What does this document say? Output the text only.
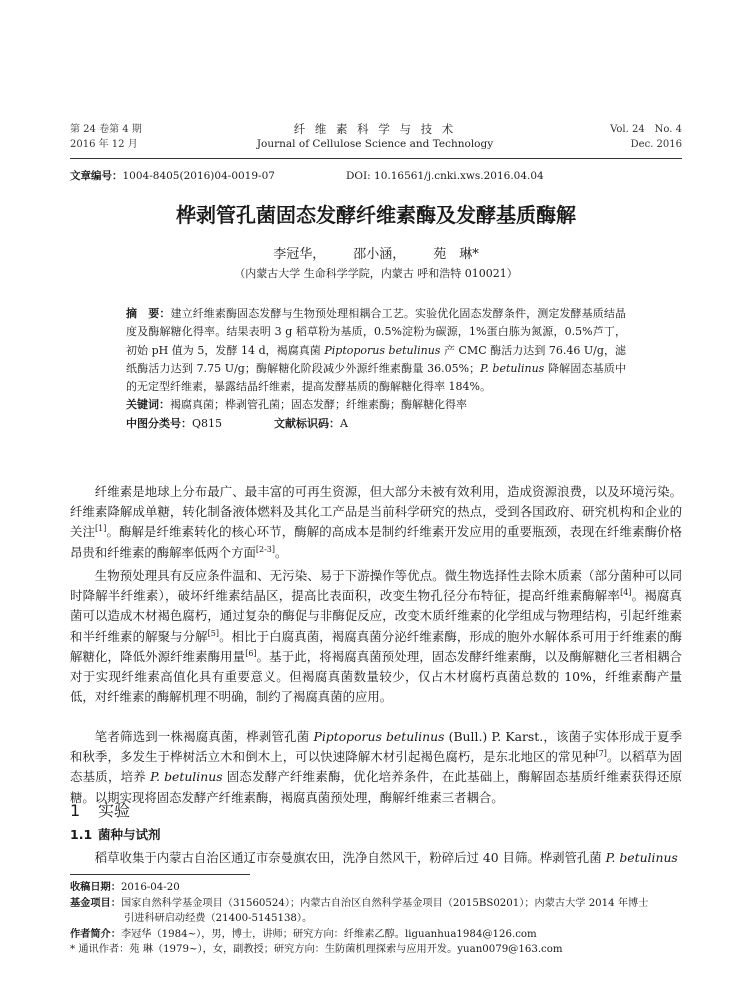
第 24 卷第 4 期
2016 年 12 月
纤 维 素 科 学 与 技 术
Journal of Cellulose Science and Technology
Vol. 24　No. 4
Dec. 2016
文章编号：1004-8405(2016)04-0019-07	DOI: 10.16561/j.cnki.xws.2016.04.04
桦剥管孔菌固态发酵纤维素酶及发酵基质酶解
李冠华， 邵小涵， 苑　琳*
（内蒙古大学 生命科学学院，内蒙古 呼和浩特 010021）
摘　要：建立纤维素酶固态发酵与生物预处理相耦合工艺。实验优化固态发酵条件，测定发酵基质结晶度及酶解糖化得率。结果表明 3 g 稻草粉为基质，0.5%淀粉为碳源，1%蛋白胨为氮源，0.5%芦丁，初始 pH 值为 5，发酵 14 d，褐腐真菌 Piptoporus betulinus 产 CMC 酶活力达到 76.46 U/g，滤纸酶活力达到 7.75 U/g；酶解糖化阶段减少外源纤维素酶量 36.05%；P. betulinus 降解固态基质中的无定型纤维素，暴露结晶纤维素，提高发酵基质的酶解糖化得率 184%。
关键词：褐腐真菌；桦剥管孔菌；固态发酵；纤维素酶；酶解糖化得率
中图分类号：Q815	文献标识码：A
纤维素是地球上分布最广、最丰富的可再生资源，但大部分未被有效利用，造成资源浪费，以及环境污染。纤维素降解成单糖，转化制备液体燃料及其化工产品是当前科学研究的热点，受到各国政府、研究机构和企业的关注[1]。酶解是纤维素转化的核心环节，酶解的高成本是制约纤维素开发应用的重要瓶颈，表现在纤维素酶价格昂贵和纤维素的酶解率低两个方面[2-3]。
生物预处理具有反应条件温和、无污染、易于下游操作等优点。微生物选择性去除木质素（部分菌种可以同时降解半纤维素），破坏纤维素结晶区，提高比表面积，改变生物孔径分布特征，提高纤维素酶解率[4]。褐腐真菌可以造成木材褐色腐朽，通过复杂的酶促与非酶促反应，改变木质纤维素的化学组成与物理结构，引起纤维素和半纤维素的解聚与分解[5]。相比于白腐真菌，褐腐真菌分泌纤维素酶，形成的胞外水解体系可用于纤维素的酶解糖化，降低外源纤维素酶用量[6]。基于此，将褐腐真菌预处理，固态发酵纤维素酶，以及酶解糖化三者相耦合对于实现纤维素高值化具有重要意义。但褐腐真菌数量较少，仅占木材腐朽真菌总数的 10%，纤维素酶产量低，对纤维素的酶解机理不明确，制约了褐腐真菌的应用。
笔者筛选到一株褐腐真菌，桦剥管孔菌 Piptoporus betulinus (Bull.) P. Karst.，该菌子实体形成于夏季和秋季，多发生于桦树活立木和倒木上，可以快速降解木材引起褐色腐朽，是东北地区的常见种[7]。以稻草为固态基质，培养 P. betulinus 固态发酵产纤维素酶，优化培养条件，在此基础上，酶解固态基质纤维素获得还原糖。以期实现将固态发酵产纤维素酶，褐腐真菌预处理，酶解纤维素三者耦合。
1 实验
1.1 菌种与试剂
稻草收集于内蒙古自治区通辽市奈曼旗农田，洗净自然风干，粉碎后过 40 目筛。桦剥管孔菌 P. betulinus
收稿日期：2016-04-20
基金项目：国家自然科学基金项目（31560524）；内蒙古自治区自然科学基金项目（2015BS0201）；内蒙古大学 2014 年博士
引进科研启动经费（21400-5145138）。
作者简介：李冠华（1984~），男，博士，讲师；研究方向：纤维素乙醇。liguanhua1984@126.com
* 通讯作者：苑 琳（1979~），女，副教授；研究方向：生防菌机理探索与应用开发。yuan0079@163.com
